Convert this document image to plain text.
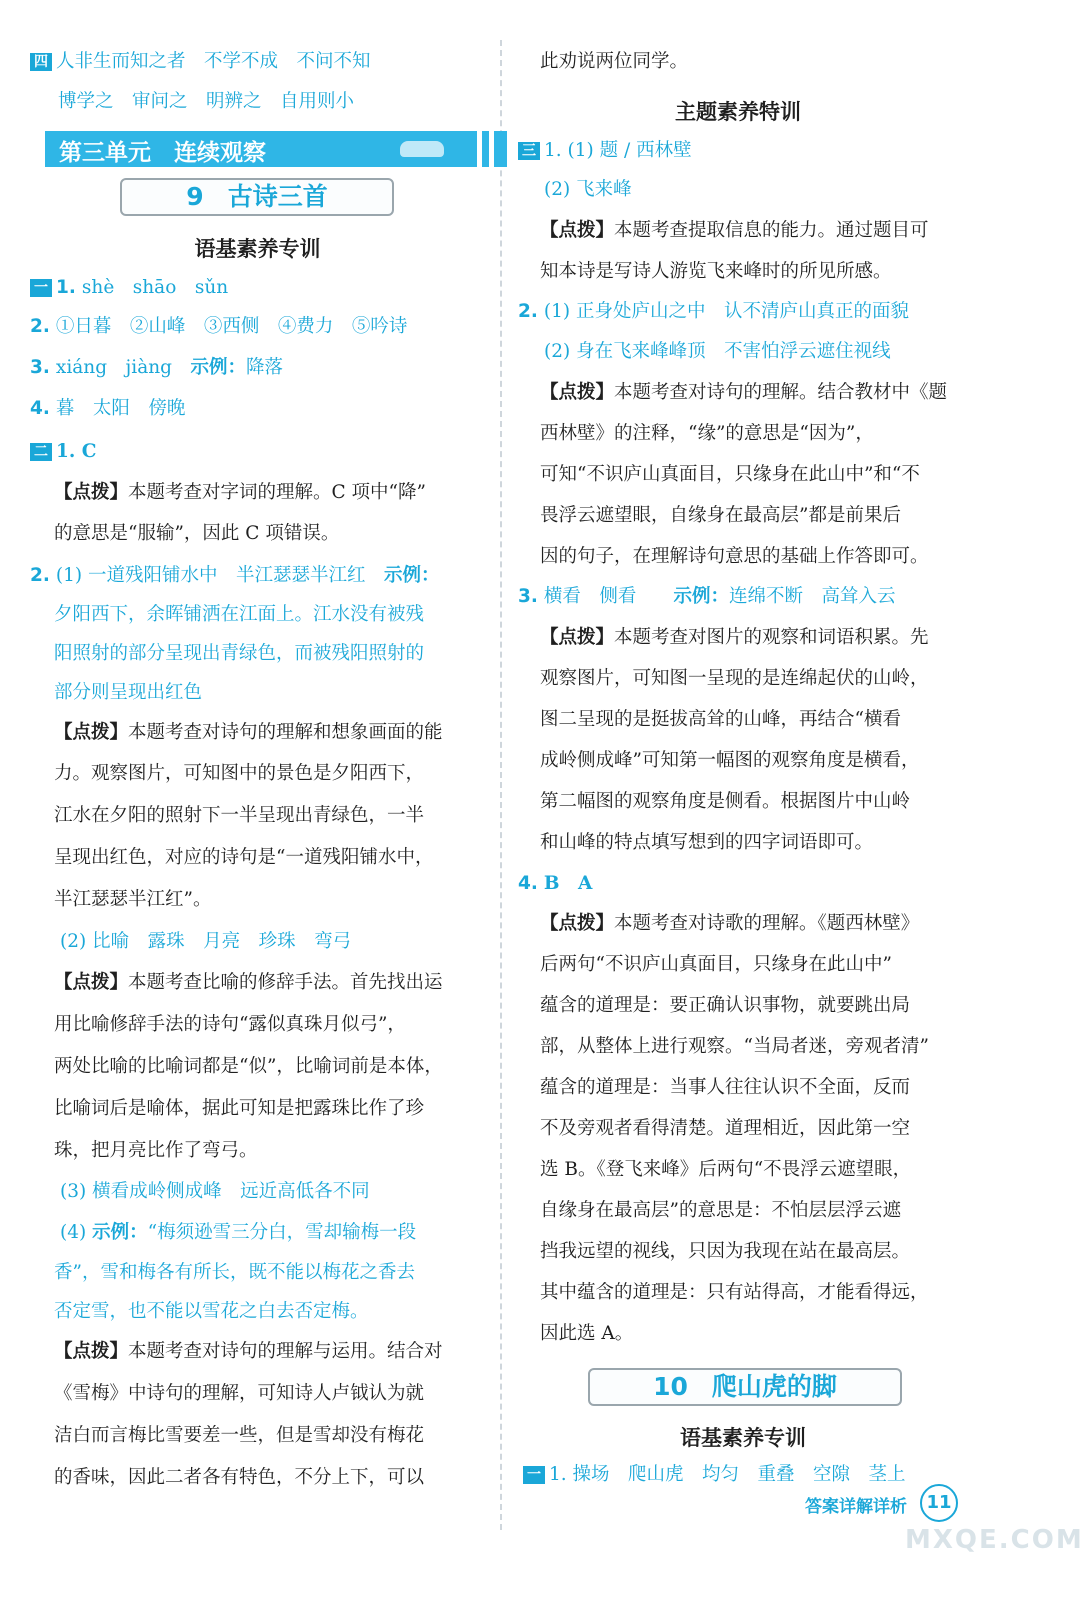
四 人非生而知之者　不学不成　不问不知
博学之　审问之　明辨之　自用则小
第三单元　连续观察
9 古诗三首
语基素养专训
一 1. shè　shāo　sǔn
2. ①日暮　②山峰　③西侧　④费力　⑤吟诗
3. xiáng　jiàng　 示例：降落
4. 暮　太阳　傍晚
二 1. C
【点拨】本题考查对字词的理解。C 项中“降”
的意思是“服输”，因此 C 项错误。
2. (1) 一道残阳铺水中　半江瑟瑟半江红　 示例：
夕阳西下，余晖铺洒在江面上。江水没有被残
阳照射的部分呈现出青绿色，而被残阳照射的
部分则呈现出红色
【点拨】本题考查对诗句的理解和想象画面的能
力。观察图片，可知图中的景色是夕阳西下，
江水在夕阳的照射下一半呈现出青绿色，一半
呈现出红色，对应的诗句是“一道残阳铺水中，
半江瑟瑟半江红”。
(2) 比喻　露珠　月亮　珍珠　弯弓
【点拨】本题考查比喻的修辞手法。首先找出运
用比喻修辞手法的诗句“露似真珠月似弓”，
两处比喻的比喻词都是“似”，比喻词前是本体，
比喻词后是喻体，据此可知是把露珠比作了珍
珠，把月亮比作了弯弓。
(3) 横看成岭侧成峰　远近高低各不同
(4) 示例：“梅须逊雪三分白，雪却输梅一段
香”，雪和梅各有所长，既不能以梅花之香去
否定雪，也不能以雪花之白去否定梅。
【点拨】本题考查对诗句的理解与运用。结合对
《雪梅》中诗句的理解，可知诗人卢钺认为就
洁白而言梅比雪要差一些，但是雪却没有梅花
的香味，因此二者各有特色，不分上下，可以
此劝说两位同学。
主题素养特训
三 1. (1) 题 / 西林壁
(2) 飞来峰
【点拨】本题考查提取信息的能力。通过题目可
知本诗是写诗人游览飞来峰时的所见所感。
2. (1) 正身处庐山之中　认不清庐山真正的面貌
(2) 身在飞来峰峰顶　不害怕浮云遮住视线
【点拨】本题考查对诗句的理解。结合教材中《题
西林壁》的注释，“缘”的意思是“因为”，
可知“不识庐山真面目，只缘身在此山中”和“不
畏浮云遮望眼，自缘身在最高层”都是前果后
因的句子，在理解诗句意思的基础上作答即可。
3. 横看　侧看　　 示例：连绵不断　高耸入云
【点拨】本题考查对图片的观察和词语积累。先
观察图片，可知图一呈现的是连绵起伏的山岭，
图二呈现的是挺拔高耸的山峰，再结合“横看
成岭侧成峰”可知第一幅图的观察角度是横看，
第二幅图的观察角度是侧看。根据图片中山岭
和山峰的特点填写想到的四字词语即可。
4. B　A
【点拨】本题考查对诗歌的理解。《题西林壁》
后两句“不识庐山真面目，只缘身在此山中”
蕴含的道理是：要正确认识事物，就要跳出局
部，从整体上进行观察。“当局者迷，旁观者清”
蕴含的道理是：当事人往往认识不全面，反而
不及旁观者看得清楚。道理相近，因此第一空
选 B。《登飞来峰》后两句“不畏浮云遮望眼，
自缘身在最高层”的意思是：不怕层层浮云遮
挡我远望的视线，只因为我现在站在最高层。
其中蕴含的道理是：只有站得高，才能看得远，
因此选 A。
10 爬山虎的脚
语基素养专训
一 1. 操场　爬山虎　均匀　重叠　空隙　茎上
答案详解详析	11
MXQE.COM
